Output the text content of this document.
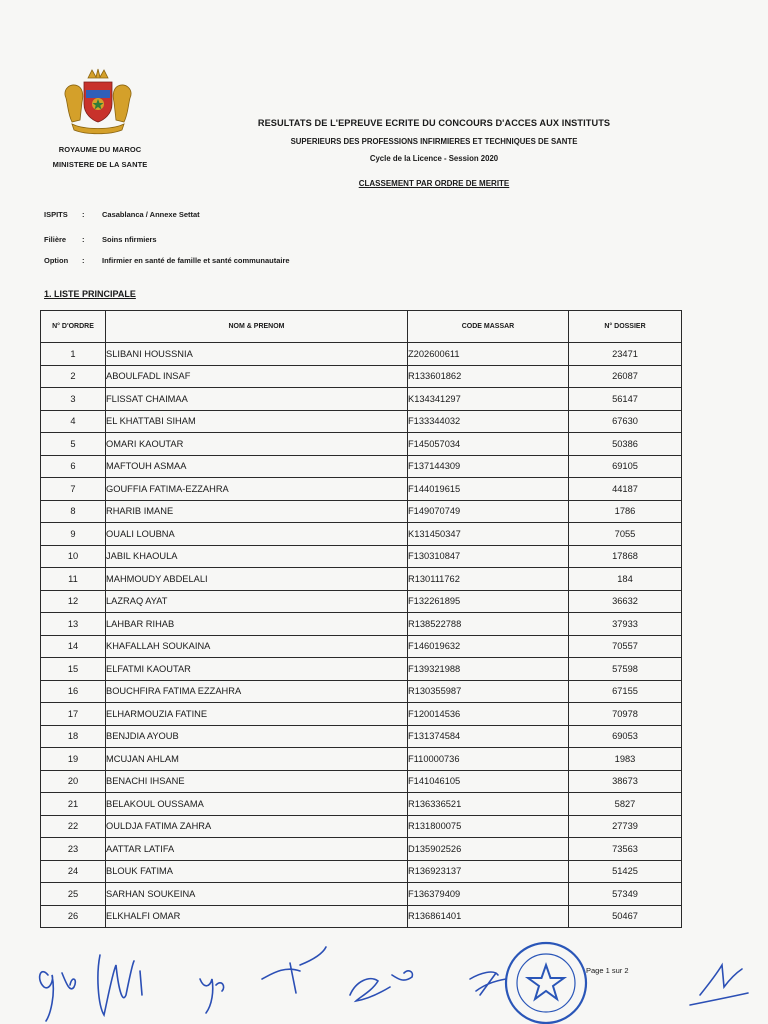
ROYAUME DU MAROC
MINISTERE DE LA SANTE
RESULTATS DE L'EPREUVE ECRITE DU CONCOURS D'ACCES AUX INSTITUTS
SUPERIEURS DES PROFESSIONS INFIRMIERES ET TECHNIQUES DE SANTE
Cycle de la Licence - Session 2020
CLASSEMENT PAR ORDRE DE MERITE
ISPITS : Casablanca / Annexe Settat
Filière : Soins nfirmiers
Option : Infirmier en santé de famille et santé communautaire
1. LISTE PRINCIPALE
N° D'ORDRE	NOM & PRENOM	CODE MASSAR	N° DOSSIER
1	SLIBANI HOUSSNIA	Z202600611	23471
2	ABOULFADL INSAF	R133601862	26087
3	FLISSAT CHAIMAA	K134341297	56147
4	EL KHATTABI SIHAM	F133344032	67630
5	OMARI KAOUTAR	F145057034	50386
6	MAFTOUH ASMAA	F137144309	69105
7	GOUFFIA FATIMA-EZZAHRA	F144019615	44187
8	RHARIB IMANE	F149070749	1786
9	OUALI LOUBNA	K131450347	7055
10	JABIL KHAOULA	F130310847	17868
11	MAHMOUDY ABDELALI	R130111762	184
12	LAZRAQ AYAT	F132261895	36632
13	LAHBAR RIHAB	R138522788	37933
14	KHAFALLAH SOUKAINA	F146019632	70557
15	ELFATMI KAOUTAR	F139321988	57598
16	BOUCHFIRA FATIMA EZZAHRA	R130355987	67155
17	ELHARMOUZIA FATINE	F120014536	70978
18	BENJDIA AYOUB	F131374584	69053
19	MCUJAN AHLAM	F110000736	1983
20	BENACHI IHSANE	F141046105	38673
21	BELAKOUL OUSSAMA	R136336521	5827
22	OULDJA FATIMA ZAHRA	R131800075	27739
23	AATTAR LATIFA	D135902526	73563
24	BLOUK FATIMA	R136923137	51425
25	SARHAN SOUKEINA	F136379409	57349
26	ELKHALFI OMAR	R136861401	50467
Page 1 sur 2
